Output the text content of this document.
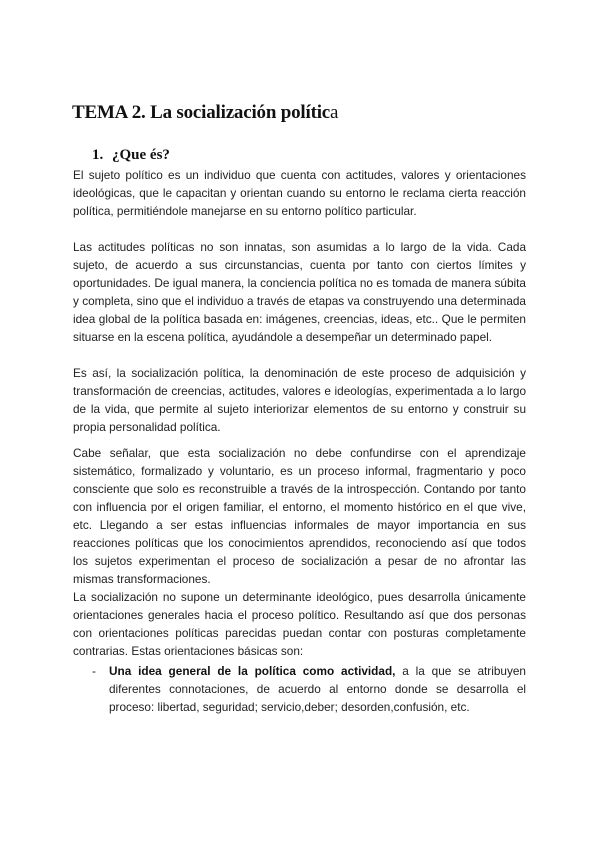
TEMA 2. La socialización política
1. ¿Que és?

El sujeto político es un individuo que cuenta con actitudes, valores y orientaciones ideológicas, que le capacitan y orientan cuando su entorno le reclama cierta reacción política, permitiéndole manejarse en su entorno político particular.

Las actitudes políticas no son innatas, son asumidas a lo largo de la vida. Cada sujeto, de acuerdo a sus circunstancias, cuenta por tanto con ciertos límites y oportunidades. De igual manera, la conciencia política no es tomada de manera súbita y completa, sino que el individuo a través de etapas va construyendo una determinada idea global de la política basada en: imágenes, creencias, ideas, etc.. Que le permiten situarse en la escena política, ayudándole a desempeñar un determinado papel.

Es así, la socialización política, la denominación de este proceso de adquisición y transformación de creencias, actitudes, valores e ideologías, experimentada a lo largo de la vida, que permite al sujeto interiorizar elementos de su entorno y construir su propia personalidad política.

Cabe señalar, que esta socialización no debe confundirse con el aprendizaje sistemático, formalizado y voluntario, es un proceso informal, fragmentario y poco consciente que solo es reconstruible a través de la introspección. Contando por tanto con influencia por el origen familiar, el entorno, el momento histórico en el que vive, etc. Llegando a ser estas influencias informales de mayor importancia en sus reacciones políticas que los conocimientos aprendidos, reconociendo así que todos los sujetos experimentan el proceso de socialización a pesar de no afrontar las mismas transformaciones.

La socialización no supone un determinante ideológico, pues desarrolla únicamente orientaciones generales hacia el proceso político. Resultando así que dos personas con orientaciones políticas parecidas puedan contar con posturas completamente contrarias. Estas orientaciones básicas son:

- Una idea general de la política como actividad, a la que se atribuyen diferentes connotaciones, de acuerdo al entorno donde se desarrolla el proceso: libertad, seguridad; servicio,deber; desorden,confusión, etc.
